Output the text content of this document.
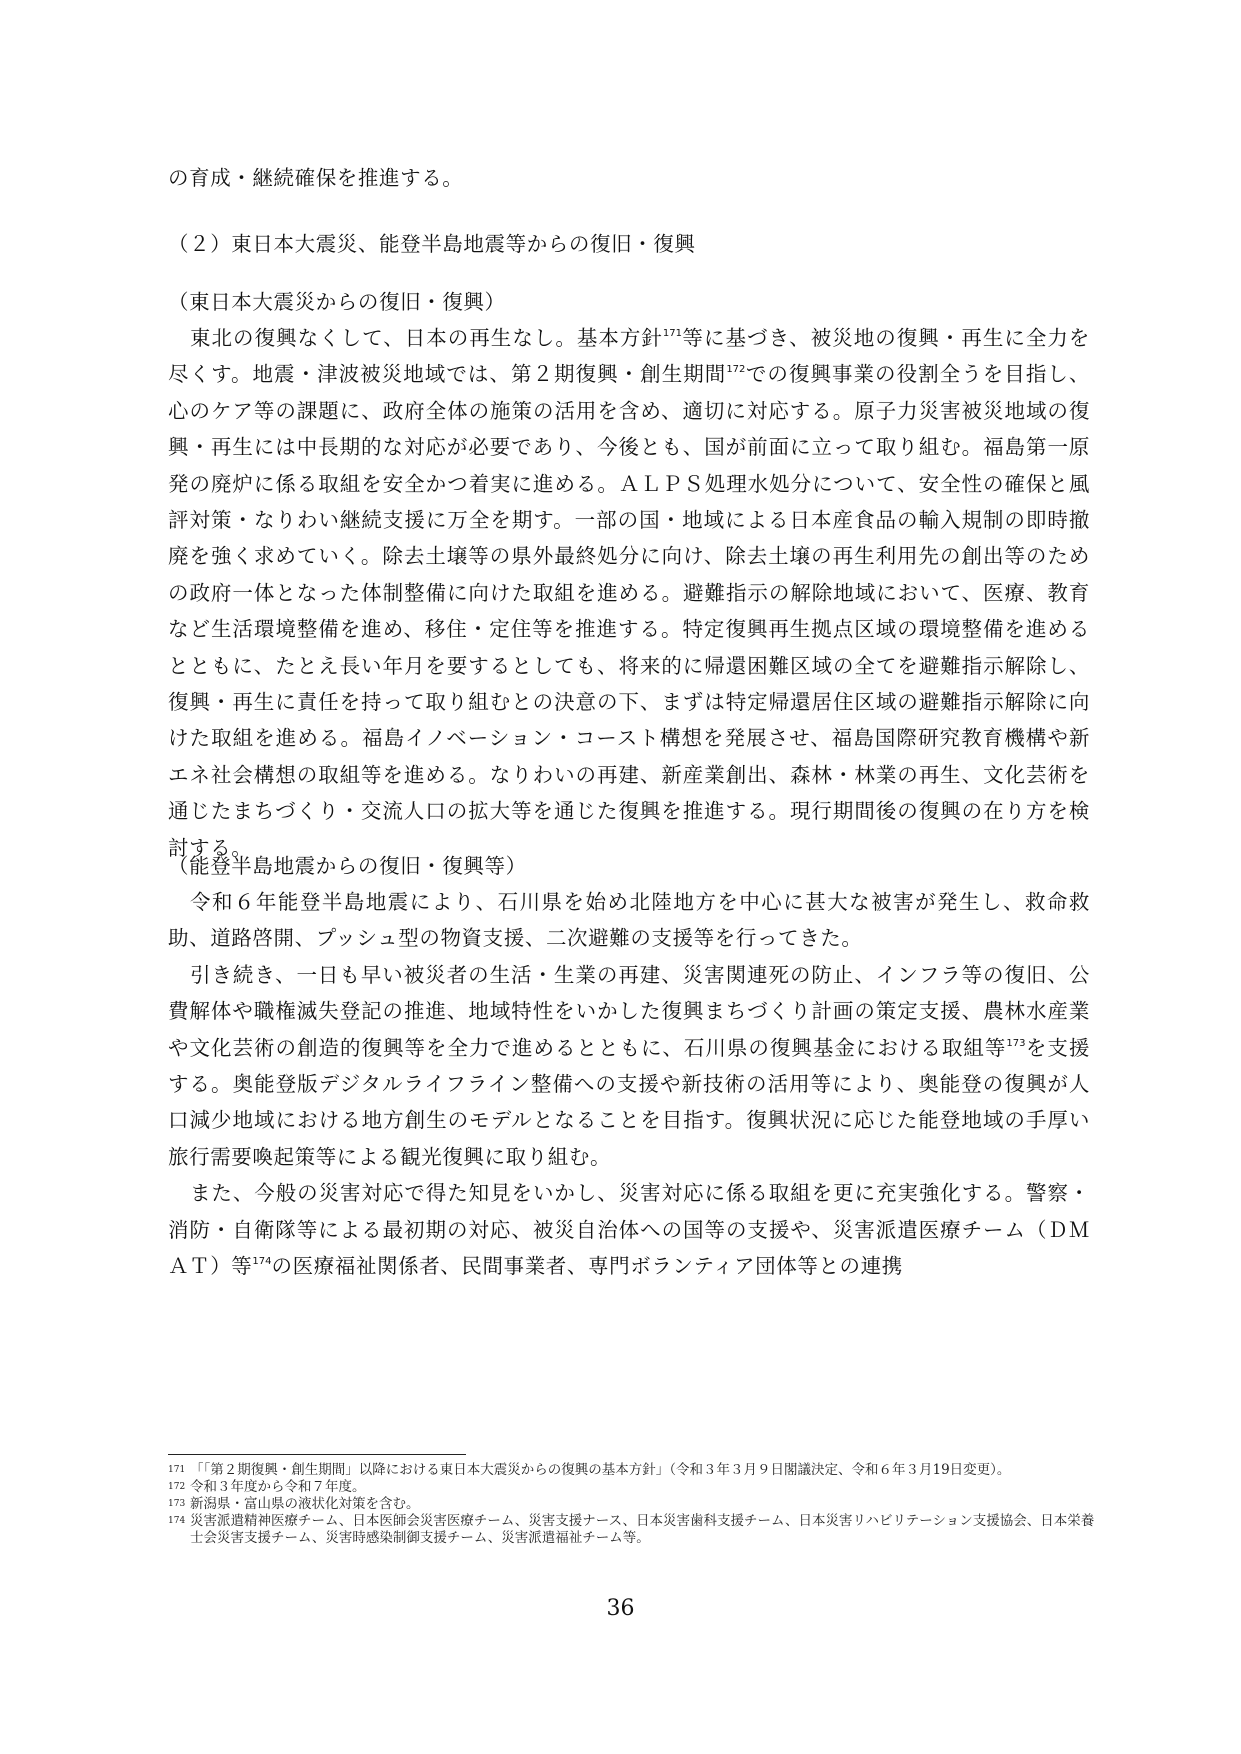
の育成・継続確保を推進する。

（２）東日本大震災、能登半島地震等からの復旧・復興

（東日本大震災からの復旧・復興）

東北の復興なくして、日本の再生なし。基本方針$^{171}$等に基づき、被災地の復興・再生に全力を尽くす。地震・津波被災地域では、第２期復興・創生期間$^{172}$での復興事業の役割全うを目指し、心のケア等の課題に、政府全体の施策の活用を含め、適切に対応する。原子力災害被災地域の復興・再生には中長期的な対応が必要であり、今後とも、国が前面に立って取り組む。福島第一原発の廃炉に係る取組を安全かつ着実に進める。ＡＬＰＳ処理水処分について、安全性の確保と風評対策・なりわい継続支援に万全を期す。一部の国・地域による日本産食品の輸入規制の即時撤廃を強く求めていく。除去土壌等の県外最終処分に向け、除去土壌の再生利用先の創出等のための政府一体となった体制整備に向けた取組を進める。避難指示の解除地域において、医療、教育など生活環境整備を進め、移住・定住等を推進する。特定復興再生拠点区域の環境整備を進めるとともに、たとえ長い年月を要するとしても、将来的に帰還困難区域の全てを避難指示解除し、復興・再生に責任を持って取り組むとの決意の下、まずは特定帰還居住区域の避難指示解除に向けた取組を進める。福島イノベーション・コースト構想を発展させ、福島国際研究教育機構や新エネ社会構想の取組等を進める。なりわいの再建、新産業創出、森林・林業の再生、文化芸術を通じたまちづくり・交流人口の拡大等を通じた復興を推進する。現行期間後の復興の在り方を検討する。

（能登半島地震からの復旧・復興等）

令和６年能登半島地震により、石川県を始め北陸地方を中心に甚大な被害が発生し、救命救助、道路啓開、プッシュ型の物資支援、二次避難の支援等を行ってきた。

引き続き、一日も早い被災者の生活・生業の再建、災害関連死の防止、インフラ等の復旧、公費解体や職権滅失登記の推進、地域特性をいかした復興まちづくり計画の策定支援、農林水産業や文化芸術の創造的復興等を全力で進めるとともに、石川県の復興基金における取組等$^{173}$を支援する。奥能登版デジタルライフライン整備への支援や新技術の活用等により、奥能登の復興が人口減少地域における地方創生のモデルとなることを目指す。復興状況に応じた能登地域の手厚い旅行需要喚起策等による観光復興に取り組む。

また、今般の災害対応で得た知見をいかし、災害対応に係る取組を更に充実強化する。警察・消防・自衛隊等による最初期の対応、被災自治体への国等の支援や、災害派遣医療チーム（ＤＭＡＴ）等$^{174}$の医療福祉関係者、民間事業者、専門ボランティア団体等との連携

171 「「第２期復興・創生期間」以降における東日本大震災からの復興の基本方針」（令和３年３月９日閣議決定、令和６年３月19日変更）。

172 令和３年度から令和７年度。

173 新潟県・富山県の液状化対策を含む。

174 災害派遣精神医療チーム、日本医師会災害医療チーム、災害支援ナース、日本災害歯科支援チーム、日本災害リハビリテーション支援協会、日本栄養士会災害支援チーム、災害時感染制御支援チーム、災害派遣福祉チーム等。

36
